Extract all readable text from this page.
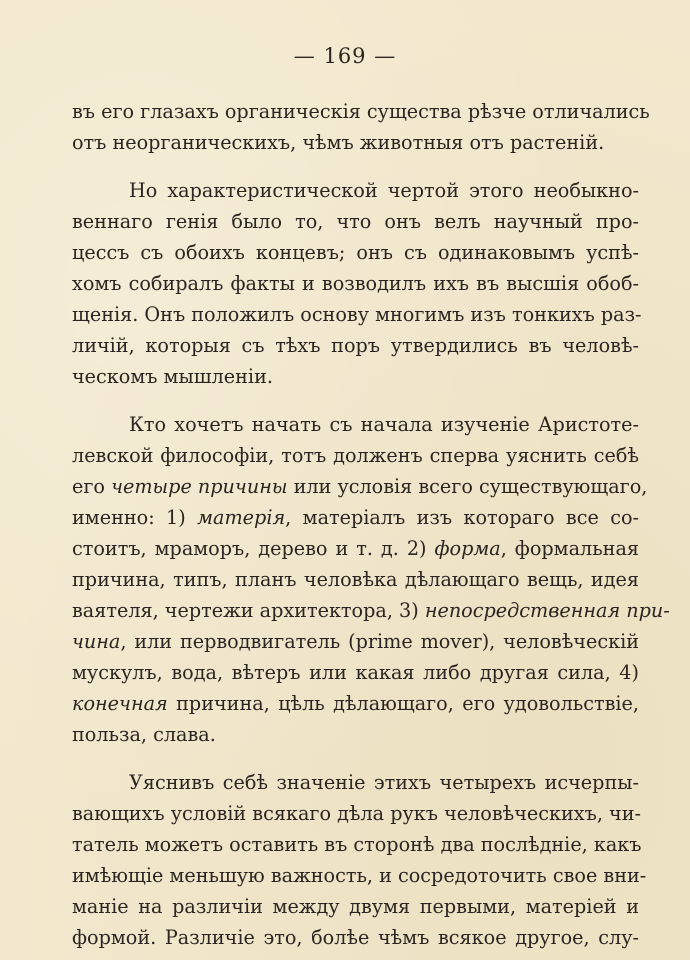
— 169 —
въ его глазахъ органическія существа рѣзче отличались
отъ неорганическихъ, чѣмъ животныя отъ растеній.
Но характеристической чертой этого необыкно-
веннаго генія было то, что онъ велъ научный про-
цессъ съ обоихъ концевъ; онъ съ одинаковымъ успѣ-
хомъ собиралъ факты и возводилъ ихъ въ высшія обоб-
щенія. Онъ положилъ основу многимъ изъ тонкихъ раз-
личій, которыя съ тѣхъ поръ утвердились въ человѣ-
ческомъ мышленіи.
Кто хочетъ начать съ начала изученіе Аристоте-
левской философіи, тотъ долженъ сперва уяснить себѣ
его четыре причины или условія всего существующаго,
именно: 1) матерія, матеріалъ изъ котораго все со-
стоитъ, мраморъ, дерево и т. д. 2) форма, формальная
причина, типъ, планъ человѣка дѣлающаго вещь, идея
ваятеля, чертежи архитектора, 3) непосредственная при-
чина, или перводвигатель (prime mover), человѣческій
мускулъ, вода, вѣтеръ или какая либо другая сила, 4)
конечная причина, цѣль дѣлающаго, его удовольствіе,
польза, слава.
Уяснивъ себѣ значеніе этихъ четырехъ исчерпы-
вающихъ условій всякаго дѣла рукъ человѣческихъ, чи-
татель можетъ оставить въ сторонѣ два послѣдніе, какъ
имѣющіе меньшую важность, и сосредоточить свое вни-
маніе на различіи между двумя первыми, матеріей и
формой. Различіе это, болѣе чѣмъ всякое другое, слу-
